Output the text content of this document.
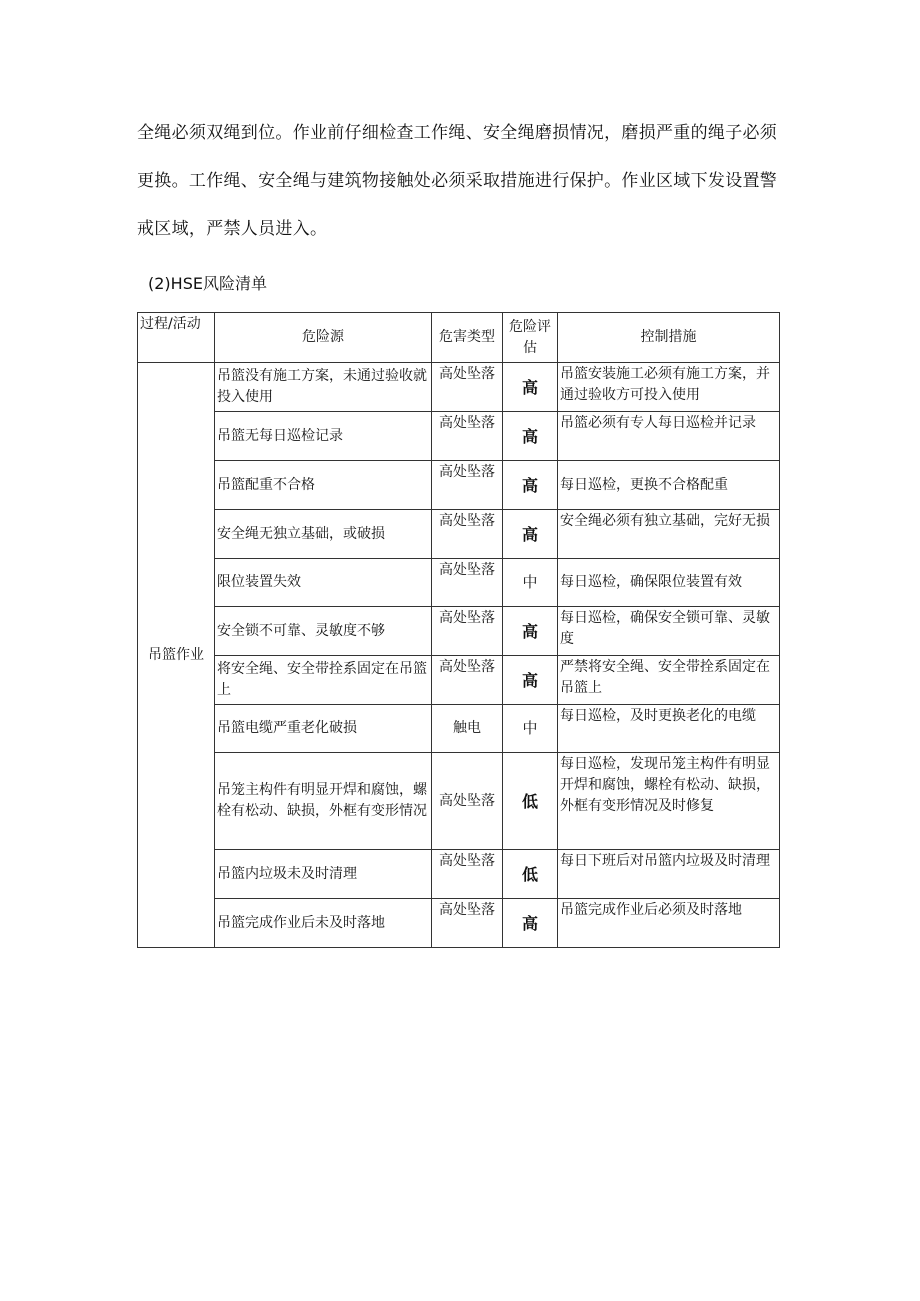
全绳必须双绳到位。作业前仔细检查工作绳、安全绳磨损情况，磨损严重的绳子必须

更换。工作绳、安全绳与建筑物接触处必须采取措施进行保护。作业区域下发设置警

戒区域，严禁人员进入。

(2)HSE风险清单

过程/活动	危险源	危害类型	危险评估	控制措施
吊篮作业	吊篮没有施工方案，未通过验收就投入使用	高处坠落	高	吊篮安装施工必须有施工方案，并通过验收方可投入使用
	吊篮无每日巡检记录	高处坠落	高	吊篮必须有专人每日巡检并记录
	吊篮配重不合格	高处坠落	高	每日巡检，更换不合格配重
	安全绳无独立基础，或破损	高处坠落	高	安全绳必须有独立基础，完好无损
	限位装置失效	高处坠落	中	每日巡检，确保限位装置有效
	安全锁不可靠、灵敏度不够	高处坠落	高	每日巡检，确保安全锁可靠、灵敏度
	将安全绳、安全带拴系固定在吊篮上	高处坠落	高	严禁将安全绳、安全带拴系固定在吊篮上
	吊篮电缆严重老化破损	触电	中	每日巡检，及时更换老化的电缆
	吊笼主构件有明显开焊和腐蚀，螺栓有松动、缺损，外框有变形情况	高处坠落	低	每日巡检，发现吊笼主构件有明显开焊和腐蚀，螺栓有松动、缺损，外框有变形情况及时修复
	吊篮内垃圾未及时清理	高处坠落	低	每日下班后对吊篮内垃圾及时清理
	吊篮完成作业后未及时落地	高处坠落	高	吊篮完成作业后必须及时落地
